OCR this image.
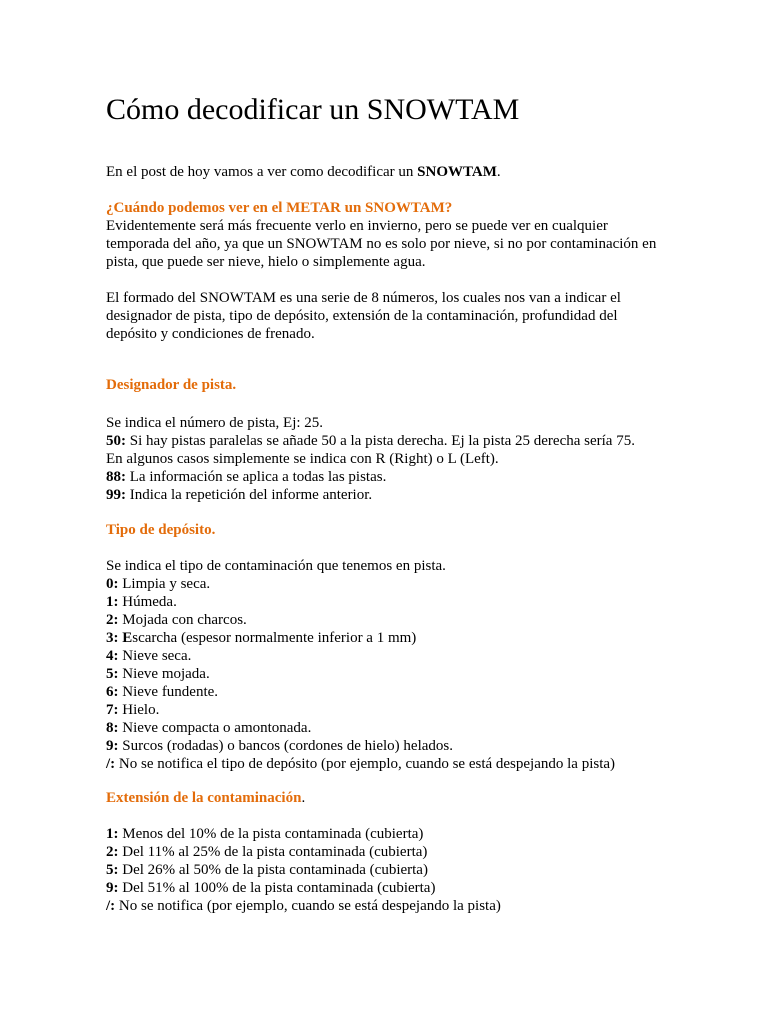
Cómo decodificar un SNOWTAM

En el post de hoy vamos a ver como decodificar un SNOWTAM.

¿Cuándo podemos ver en el METAR un SNOWTAM?
Evidentemente será más frecuente verlo en invierno, pero se puede ver en cualquier
temporada del año, ya que un SNOWTAM no es solo por nieve, si no por contaminación en
pista, que puede ser nieve, hielo o simplemente agua.

El formado del SNOWTAM es una serie de 8 números, los cuales nos van a indicar el
designador de pista, tipo de depósito, extensión de la contaminación, profundidad del
depósito y condiciones de frenado.

Designador de pista.

Se indica el número de pista, Ej: 25.
50: Si hay pistas paralelas se añade 50 a la pista derecha. Ej la pista 25 derecha sería 75.
En algunos casos simplemente se indica con R (Right) o L (Left).
88: La información se aplica a todas las pistas.
99: Indica la repetición del informe anterior.

Tipo de depósito.

Se indica el tipo de contaminación que tenemos en pista.
0: Limpia y seca.
1: Húmeda.
2: Mojada con charcos.
3: Escarcha (espesor normalmente inferior a 1 mm)
4: Nieve seca.
5: Nieve mojada.
6: Nieve fundente.
7: Hielo.
8: Nieve compacta o amontonada.
9: Surcos (rodadas) o bancos (cordones de hielo) helados.
/: No se notifica el tipo de depósito (por ejemplo, cuando se está despejando la pista)

Extensión de la contaminación.

1: Menos del 10% de la pista contaminada (cubierta)
2: Del 11% al 25% de la pista contaminada (cubierta)
5: Del 26% al 50% de la pista contaminada (cubierta)
9: Del 51% al 100% de la pista contaminada (cubierta)
/: No se notifica (por ejemplo, cuando se está despejando la pista)
